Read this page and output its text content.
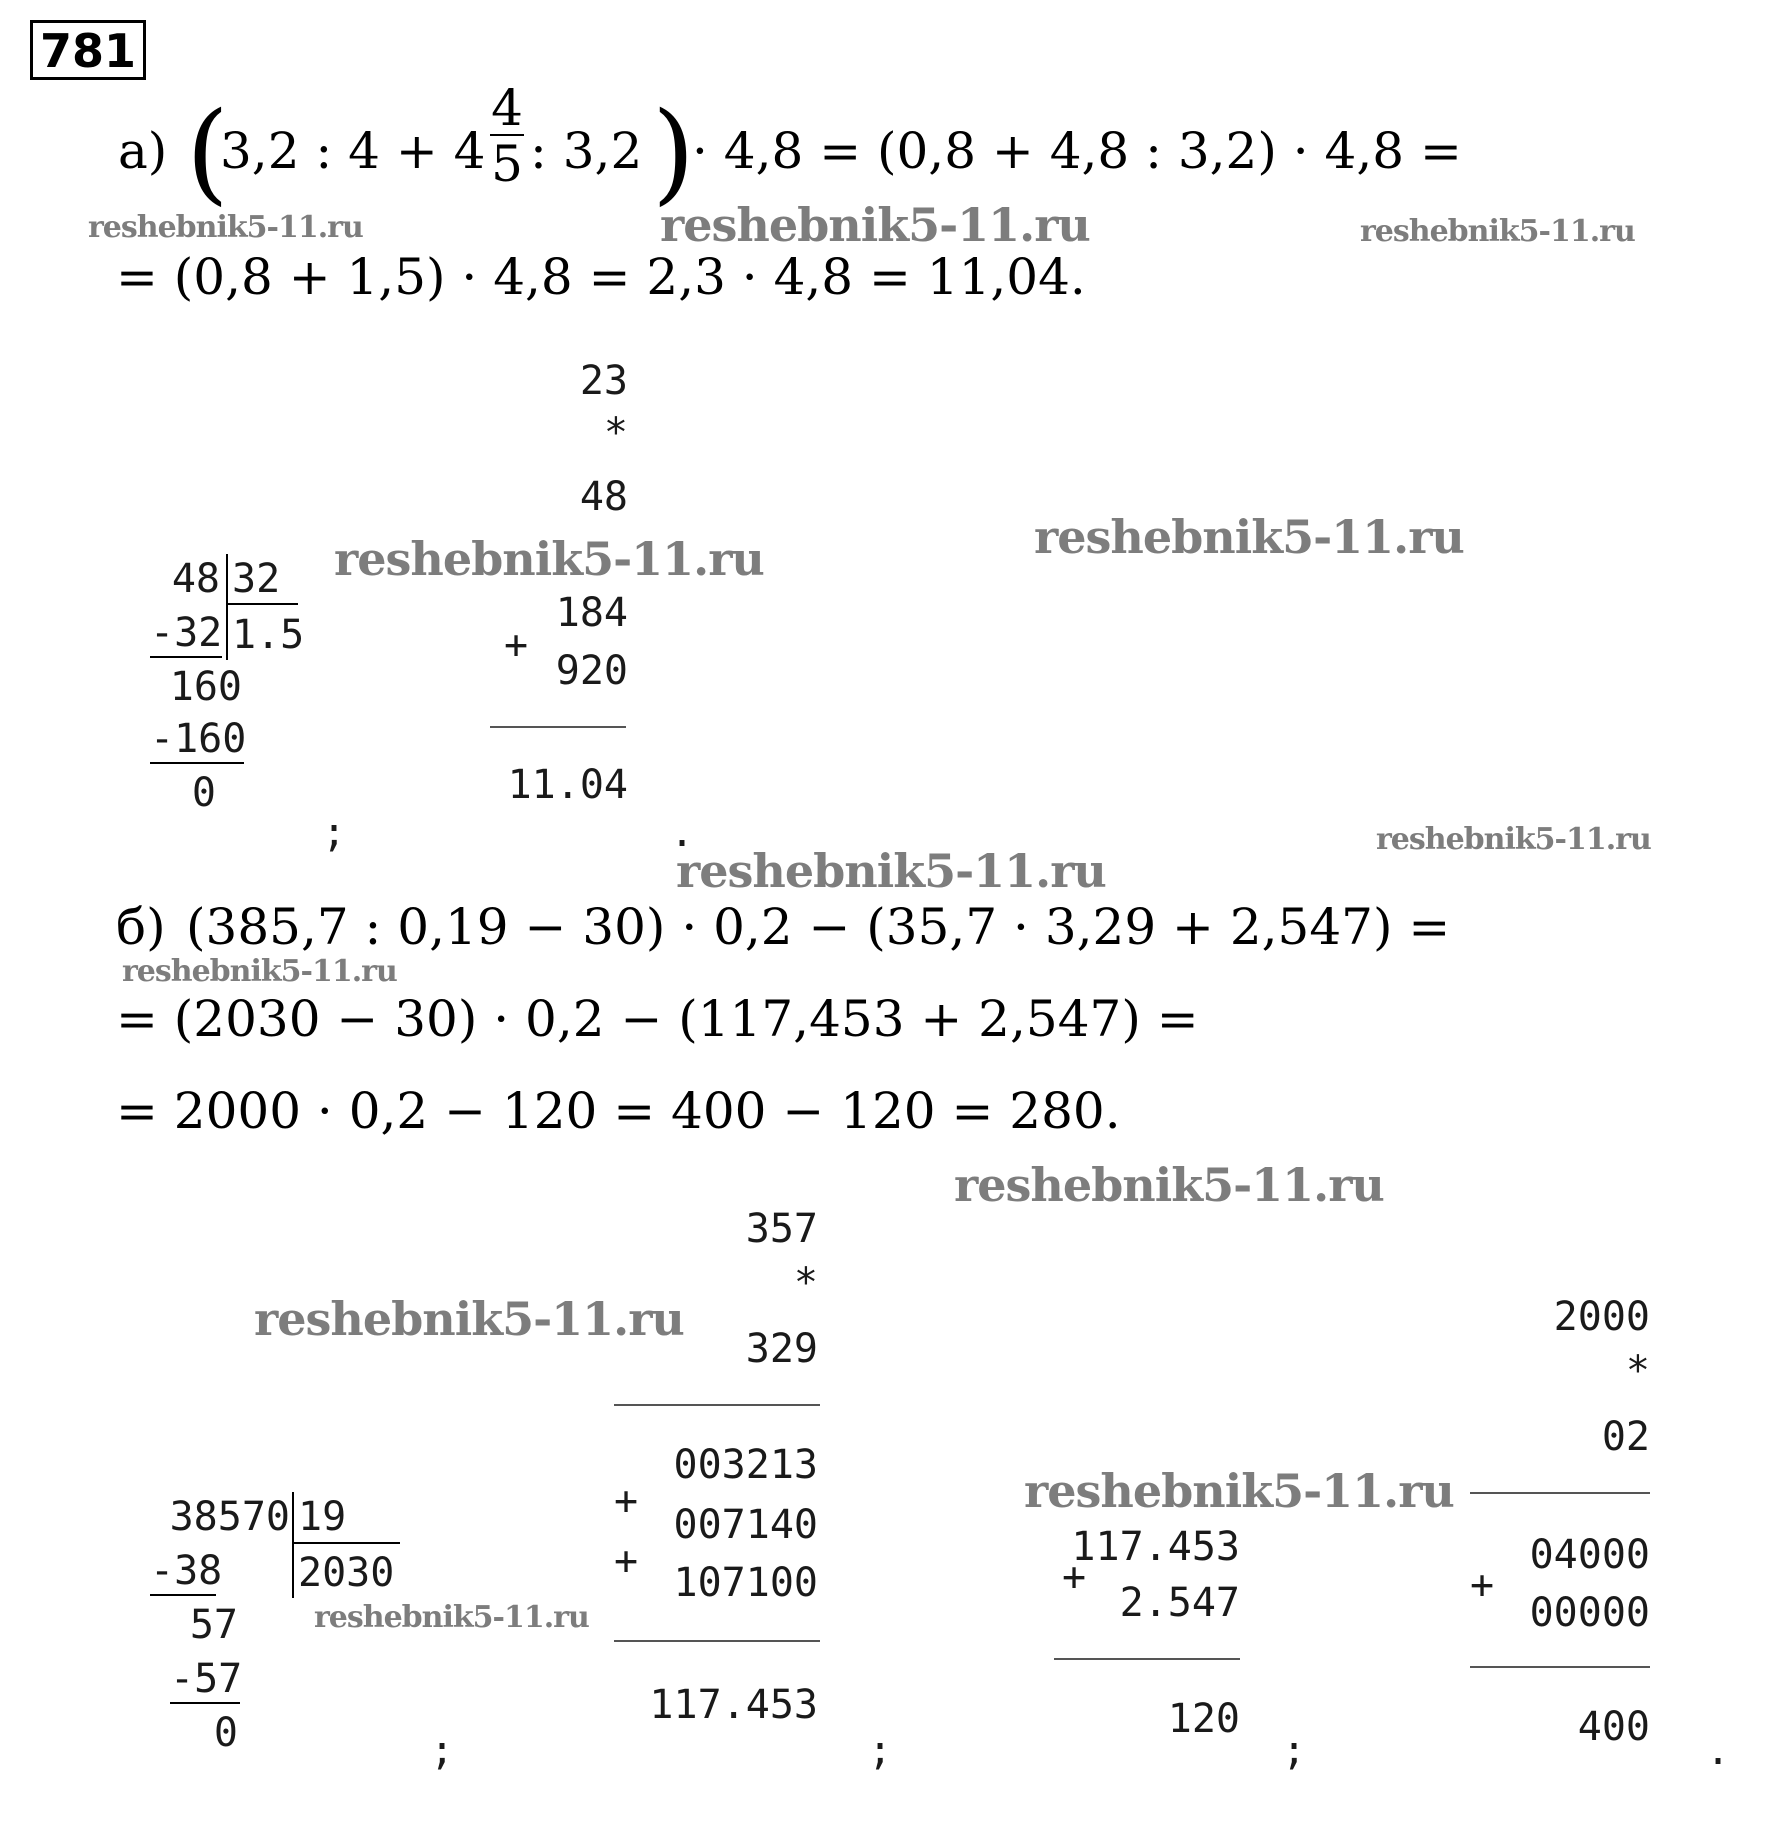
781
а) (
3,2 : $4 + 4 \frac{4}{5}$ : 3,2 )
· 4,8 = (0,8 + 4,8 : 3,2) · 4,8 =
= (0,8 + 1,5) · 4,8 = 2,3 · 4,8 = 11,04.
48 32
-32 1.5
160
-160
0
23
*
48
184
+
920
11.04
;	.
б) (385,7 : 0,19 − 30) · 0,2 − (35,7 · 3,29 + 2,547) =
= (2030 − 30) · 0,2 − (117,453 + 2,547) =
= 2000 · 0,2 − 120 = 400 − 120 = 280.
38570 19
-38 2030
57
-57
0
357
*
329
003213
+
007140
+ 107100
117.453
117.453
+
2.547
120
2000
*
02
04000
+
00000
400
;	;	;	.
reshebnik5-11.ru	reshebnik5-11.ru	reshebnik5-11.ru
reshebnik5-11.ru
reshebnik5-11.ru
reshebnik5-11.ru
reshebnik5-11.ru
reshebnik5-11.ru
reshebnik5-11.ru
reshebnik5-11.ru
reshebnik5-11.ru
reshebnik5-11.ru
